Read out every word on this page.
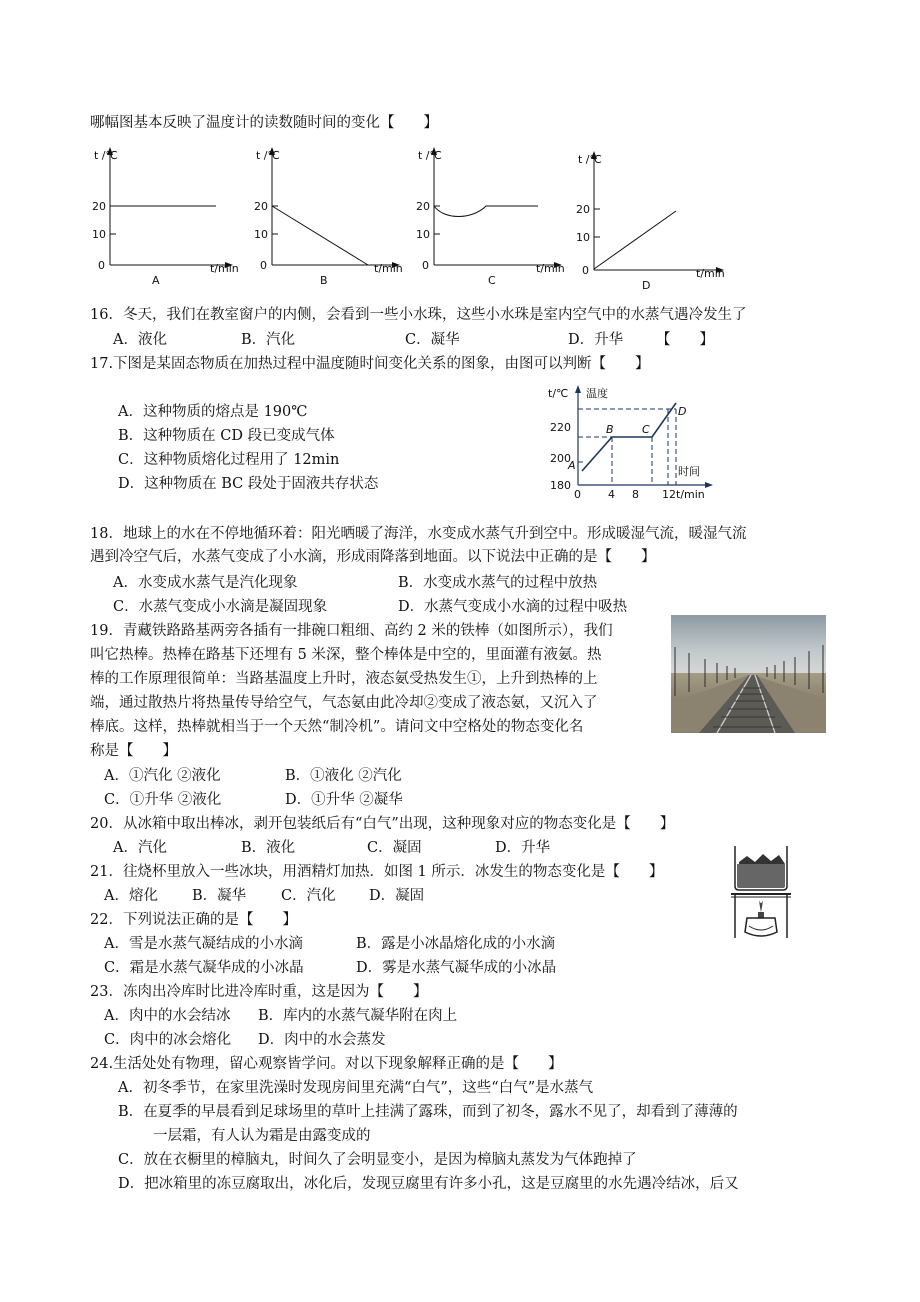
哪幅图基本反映了温度计的读数随时间的变化【　　】
t /℃
20
10
0	t/min
A
t /℃
20
10
0	t/min
B
t /℃
20
10
0	t/min
C
t /℃
20
10
0	t/min
D
16．冬天，我们在教室窗户的内侧，会看到一些小水珠，这些小水珠是室内空气中的水蒸气遇冷发生了
A．液化	B．汽化	C．凝华	D．升华	【　　】
17.下图是某固态物质在加热过程中温度随时间变化关系的图象，由图可以判断【　　】
A．这种物质的熔点是 190℃
B．这种物质在 CD 段已变成气体
C．这种物质熔化过程用了 12min
D．这种物质在 BC 段处于固液共存状态
t/℃ 温度
220
200
180
0 4 8 12 t/min
时间
A
B	C
D
18．地球上的水在不停地循环着：阳光晒暖了海洋，水变成水蒸气升到空中。形成暖湿气流，暖湿气流
遇到冷空气后，水蒸气变成了小水滴，形成雨降落到地面。以下说法中正确的是【　　】
A．水变成水蒸气是汽化现象	B．水变成水蒸气的过程中放热
C．水蒸气变成小水滴是凝固现象	D．水蒸气变成小水滴的过程中吸热
19．青藏铁路路基两旁各插有一排碗口粗细、高约 2 米的铁棒（如图所示），我们
叫它热棒。热棒在路基下还埋有 5 米深，整个棒体是中空的，里面灌有液氨。热
棒的工作原理很简单：当路基温度上升时，液态氨受热发生①，上升到热棒的上
端，通过散热片将热量传导给空气，气态氨由此冷却②变成了液态氨，又沉入了
棒底。这样，热棒就相当于一个天然“制冷机”。请问文中空格处的物态变化名
称是【　　】
A．①汽化 ②液化	B．①液化 ②汽化
C．①升华 ②液化	D．①升华 ②凝华
20．从冰箱中取出棒冰，剥开包装纸后有“白气”出现，这种现象对应的物态变化是【　　】
A．汽化	B．液化	C．凝固	D．升华
21．往烧杯里放入一些冰块，用酒精灯加热．如图 1 所示．冰发生的物态变化是【　　】
A．熔化	B．凝华	C．汽化	D．凝固
22．下列说法正确的是【　　】
A．雪是水蒸气凝结成的小水滴	B．露是小冰晶熔化成的小水滴
C．霜是水蒸气凝华成的小冰晶	D．雾是水蒸气凝华成的小冰晶
23．冻肉出冷库时比进冷库时重，这是因为【　　】
A．肉中的水会结冰 B．库内的水蒸气凝华附在肉上
C．肉中的冰会熔化 D．肉中的水会蒸发
24.生活处处有物理，留心观察皆学问。对以下现象解释正确的是【　　】
A．初冬季节，在家里洗澡时发现房间里充满“白气”，这些“白气”是水蒸气
B．在夏季的早晨看到足球场里的草叶上挂满了露珠，而到了初冬，露水不见了，却看到了薄薄的
一层霜，有人认为霜是由露变成的
C．放在衣橱里的樟脑丸，时间久了会明显变小，是因为樟脑丸蒸发为气体跑掉了
D．把冰箱里的冻豆腐取出，冰化后，发现豆腐里有许多小孔，这是豆腐里的水先遇冷结冰，后又
